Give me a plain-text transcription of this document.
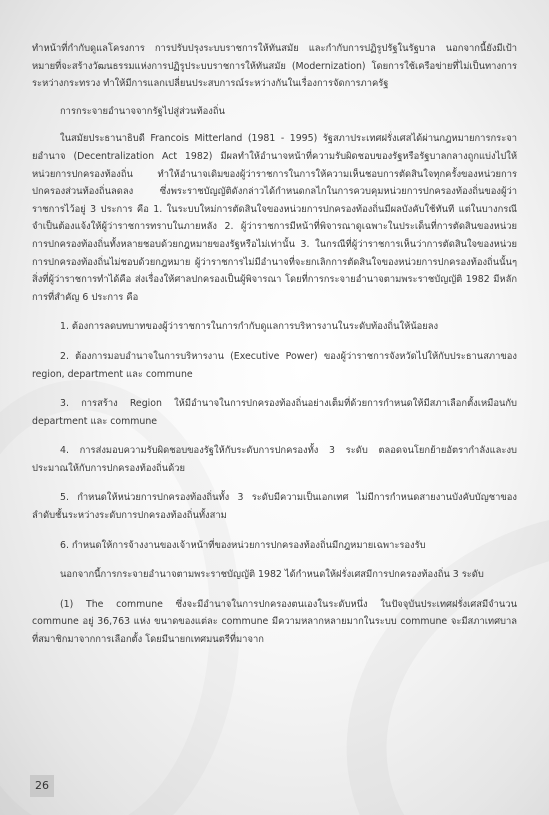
ทำหน้าที่กำกับดูแลโครงการ การปรับปรุงระบบราชการให้ทันสมัย และกำกับการปฏิรูปรัฐในรัฐบาล นอกจากนี้ยังมีเป้าหมายที่จะสร้างวัฒนธรรมแห่งการปฏิรูประบบราชการให้ทันสมัย (Modernization) โดยการใช้เครือข่ายที่ไม่เป็นทางการระหว่างกระทรวง ทำให้มีการแลกเปลี่ยนประสบการณ์ระหว่างกันในเรื่องการจัดการภาครัฐ

การกระจายอำนาจจากรัฐไปสู่ส่วนท้องถิ่น

ในสมัยประธานาธิบดี Francois Mitterland (1981 - 1995) รัฐสภาประเทศฝรั่งเศสได้ผ่านกฎหมายการกระจายอำนาจ (Decentralization Act 1982) มีผลทำให้อำนาจหน้าที่ความรับผิดชอบของรัฐหรือรัฐบาลกลางถูกแบ่งไปให้หน่วยการปกครองท้องถิ่น ทำให้อำนาจเดิมของผู้ว่าราชการในการให้ความเห็นชอบการตัดสินใจทุกครั้งของหน่วยการปกครองส่วนท้องถิ่นลดลง ซึ่งพระราชบัญญัติดังกล่าวได้กำหนดกลไกในการควบคุมหน่วยการปกครองท้องถิ่นของผู้ว่าราชการไว้อยู่ 3 ประการ คือ 1. ในระบบใหม่การตัดสินใจของหน่วยการปกครองท้องถิ่นมีผลบังคับใช้ทันที แต่ในบางกรณีจำเป็นต้องแจ้งให้ผู้ว่าราชการทราบในภายหลัง 2. ผู้ว่าราชการมีหน้าที่พิจารณาดูเฉพาะในประเด็นที่การตัดสินของหน่วยการปกครองท้องถิ่นทั้งหลายชอบด้วยกฎหมายของรัฐหรือไม่เท่านั้น 3. ในกรณีที่ผู้ว่าราชการเห็นว่าการตัดสินใจของหน่วยการปกครองท้องถิ่นไม่ชอบด้วยกฎหมาย ผู้ว่าราชการไม่มีอำนาจที่จะยกเลิกการตัดสินใจของหน่วยการปกครองท้องถิ่นนั้นๆ สิ่งที่ผู้ว่าราชการทำได้คือ ส่งเรื่องให้ศาลปกครองเป็นผู้พิจารณา โดยที่การกระจายอำนาจตามพระราชบัญญัติ 1982 มีหลักการที่สำคัญ 6 ประการ คือ

1. ต้องการลดบทบาทของผู้ว่าราชการในการกำกับดูแลการบริหารงานในระดับท้องถิ่นให้น้อยลง

2. ต้องการมอบอำนาจในการบริหารงาน (Executive Power) ของผู้ว่าราชการจังหวัดไปให้กับประธานสภาของ region, department และ commune

3. การสร้าง Region ให้มีอำนาจในการปกครองท้องถิ่นอย่างเต็มที่ด้วยการกำหนดให้มีสภาเลือกตั้งเหมือนกับ department และ commune

4. การส่งมอบความรับผิดชอบของรัฐให้กับระดับการปกครองทั้ง 3 ระดับ ตลอดจนโยกย้ายอัตรากำลังและงบประมาณให้กับการปกครองท้องถิ่นด้วย

5. กำหนดให้หน่วยการปกครองท้องถิ่นทั้ง 3 ระดับมีความเป็นเอกเทศ ไม่มีการกำหนดสายงานบังคับบัญชาของลำดับชั้นระหว่างระดับการปกครองท้องถิ่นทั้งสาม

6. กำหนดให้การจ้างงานของเจ้าหน้าที่ของหน่วยการปกครองท้องถิ่นมีกฎหมายเฉพาะรองรับ

นอกจากนี้การกระจายอำนาจตามพระราชบัญญัติ 1982 ได้กำหนดให้ฝรั่งเศสมีการปกครองท้องถิ่น 3 ระดับ

(1) The commune ซึ่งจะมีอำนาจในการปกครองตนเองในระดับหนึ่ง ในปัจจุบันประเทศฝรั่งเศสมีจำนวน commune อยู่ 36,763 แห่ง ขนาดของแต่ละ commune มีความหลากหลายมากในระบบ commune จะมีสภาเทศบาลที่สมาชิกมาจากการเลือกตั้ง โดยมีนายกเทศมนตรีที่มาจาก

26
